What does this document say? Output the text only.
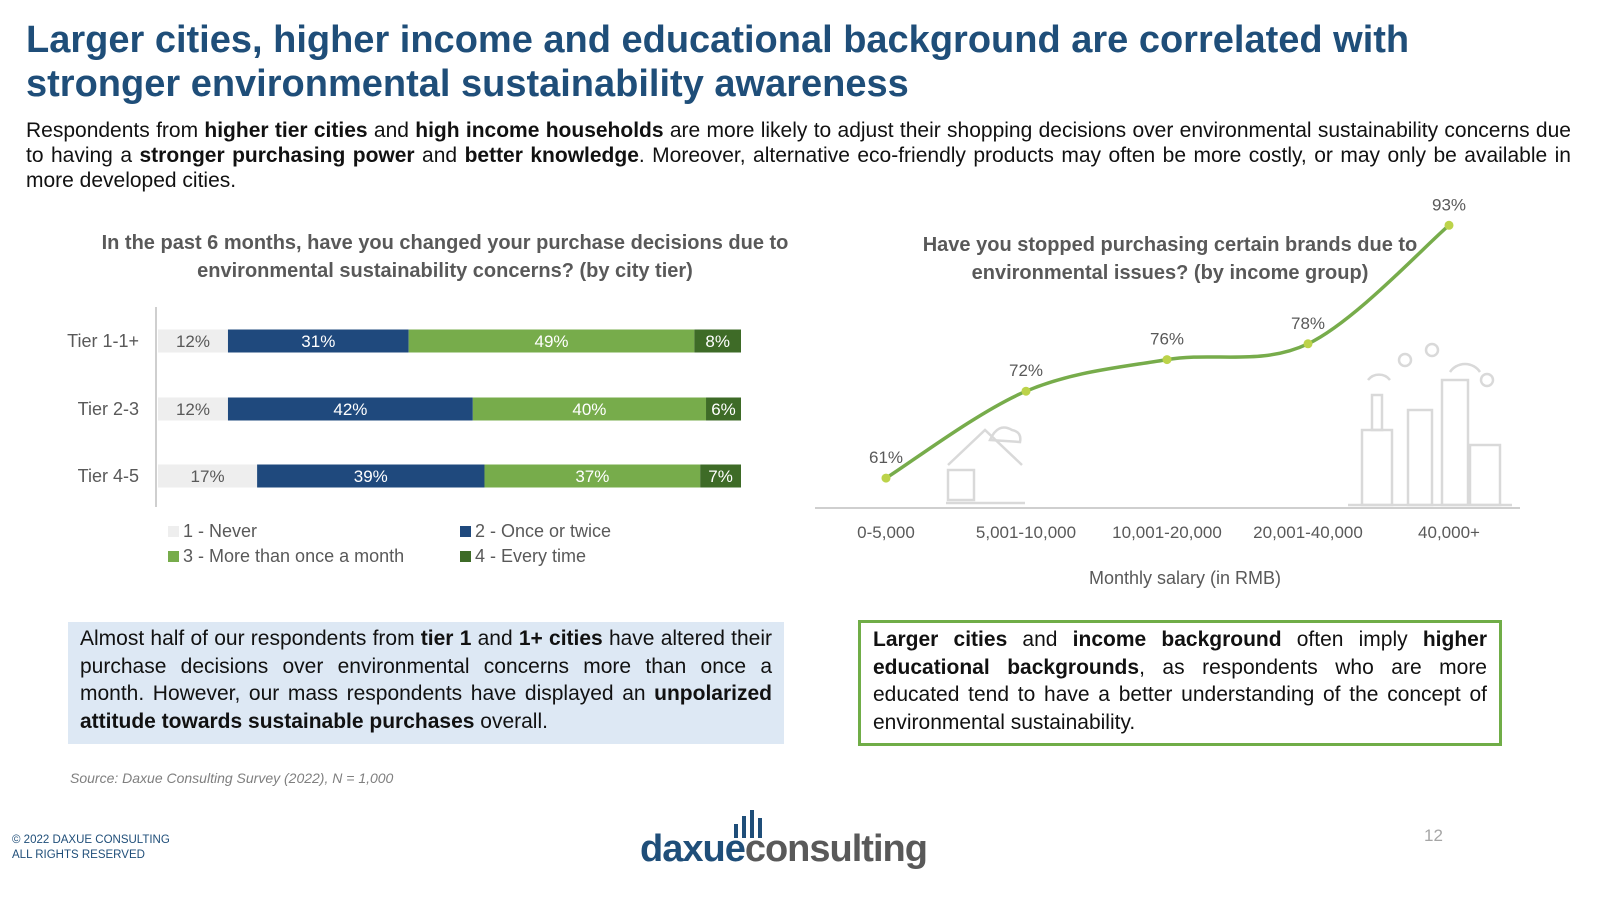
Larger cities, higher income and educational background are correlated with stronger environmental sustainability awareness
Respondents from higher tier cities and high income households are more likely to adjust their shopping decisions over environmental sustainability concerns due to having a stronger purchasing power and better knowledge. Moreover, alternative eco-friendly products may often be more costly, or may only be available in more developed cities.
In the past 6 months, have you changed your purchase decisions due to environmental sustainability concerns? (by city tier)
Tier 1-1+ 12%	31%	49%	8%
Tier 2-3 12%	42%	40%	6%
Tier 4-5	17%	39%	37%	7%
1 - Never	2 - Once or twice
3 - More than once a month	4 - Every time
Have you stopped purchasing certain brands due to environmental issues? (by income group)
61%
0-5,000
72%
5,001-10,000
76%
10,001-20,000
78%
20,001-40,000
93%
40,000+
Monthly salary (in RMB)
Almost half of our respondents from tier 1 and 1+ cities have altered their purchase decisions over environmental concerns more than once a month. However, our mass respondents have displayed an unpolarized attitude towards sustainable purchases overall.
Larger cities and income background often imply higher educational backgrounds, as respondents who are more educated tend to have a better understanding of the concept of environmental sustainability.
Source: Daxue Consulting Survey (2022), N = 1,000
© 2022 DAXUE CONSULTING
ALL RIGHTS RESERVED	daxueconsulting	12
